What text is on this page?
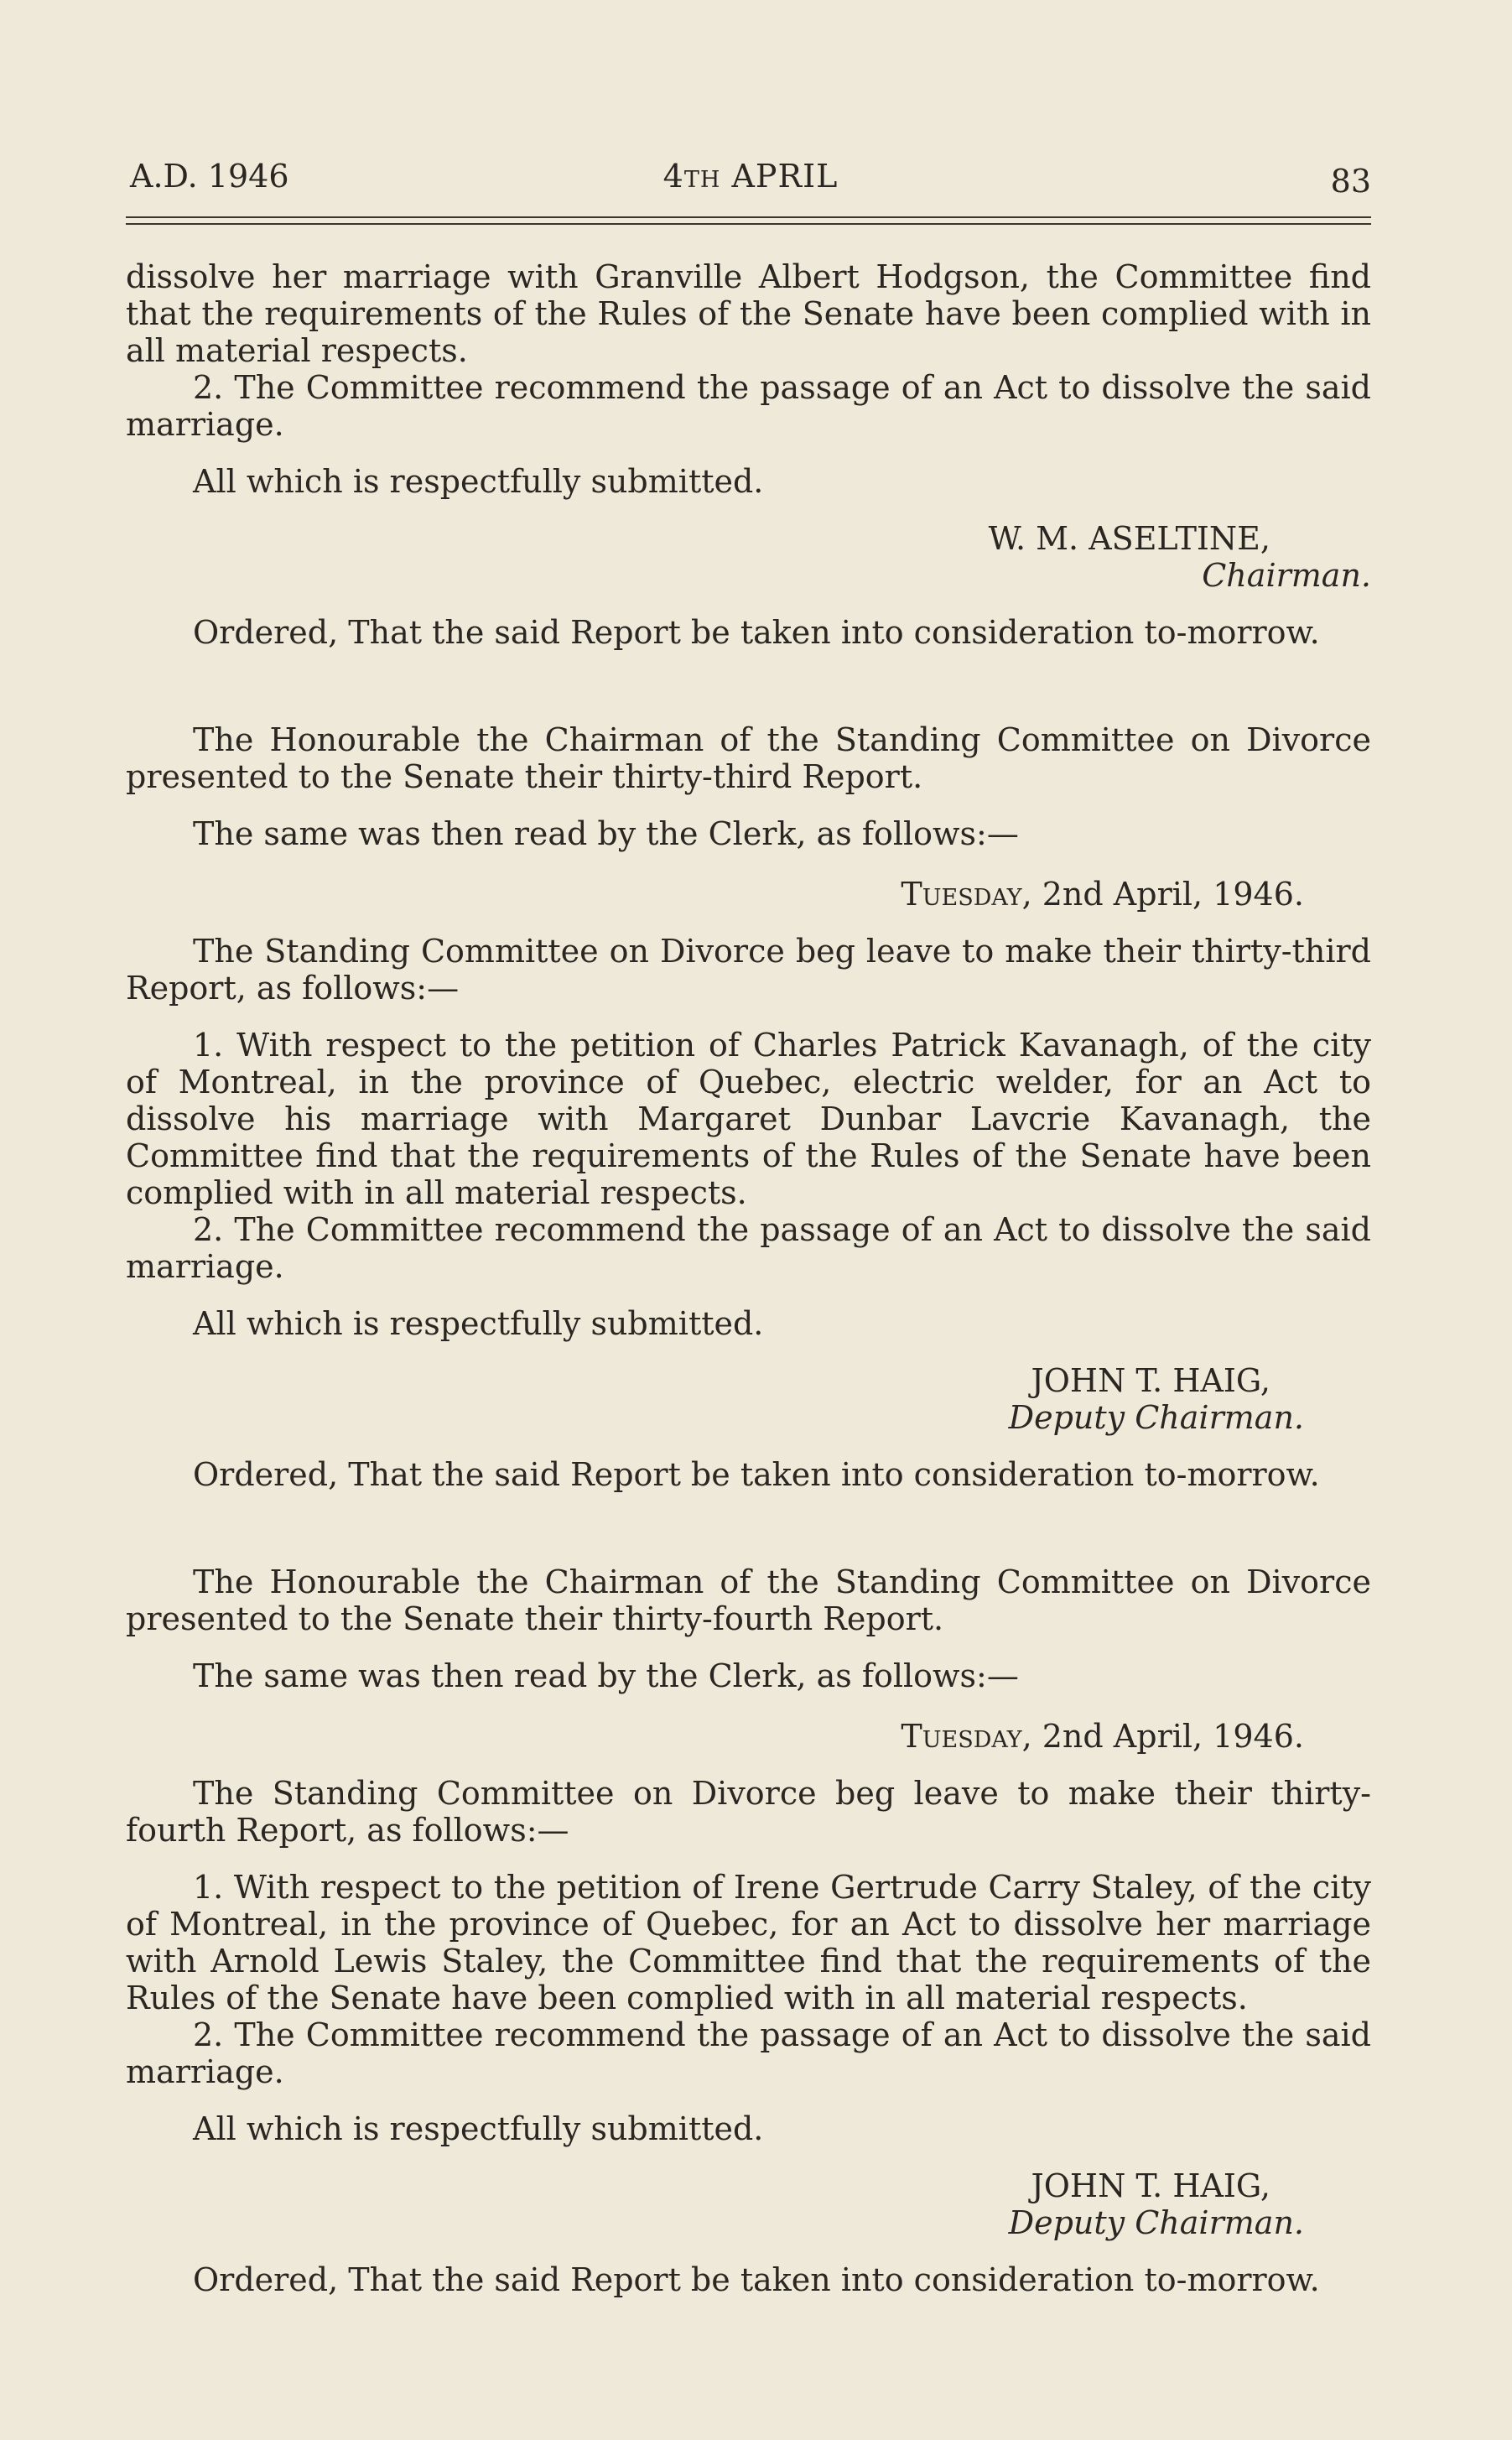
A.D. 1946	4th APRIL	83

dissolve her marriage with Granville Albert Hodgson, the Committee find that the requirements of the Rules of the Senate have been complied with in all material respects.

2. The Committee recommend the passage of an Act to dissolve the said marriage.

All which is respectfully submitted.

W. M. ASELTINE,

Chairman.

Ordered, That the said Report be taken into consideration to-morrow.

The Honourable the Chairman of the Standing Committee on Divorce presented to the Senate their thirty-third Report.

The same was then read by the Clerk, as follows:—

Tuesday, 2nd April, 1946.

The Standing Committee on Divorce beg leave to make their thirty-third Report, as follows:—

1. With respect to the petition of Charles Patrick Kavanagh, of the city of Montreal, in the province of Quebec, electric welder, for an Act to dissolve his marriage with Margaret Dunbar Lavcrie Kavanagh, the Committee find that the requirements of the Rules of the Senate have been complied with in all material respects.

2. The Committee recommend the passage of an Act to dissolve the said marriage.

All which is respectfully submitted.

JOHN T. HAIG,

Deputy Chairman.

Ordered, That the said Report be taken into consideration to-morrow.

The Honourable the Chairman of the Standing Committee on Divorce presented to the Senate their thirty-fourth Report.

The same was then read by the Clerk, as follows:—

Tuesday, 2nd April, 1946.

The Standing Committee on Divorce beg leave to make their thirty-fourth Report, as follows:—

1. With respect to the petition of Irene Gertrude Carry Staley, of the city of Montreal, in the province of Quebec, for an Act to dissolve her marriage with Arnold Lewis Staley, the Committee find that the requirements of the Rules of the Senate have been complied with in all material respects.

2. The Committee recommend the passage of an Act to dissolve the said marriage.

All which is respectfully submitted.

JOHN T. HAIG,

Deputy Chairman.

Ordered, That the said Report be taken into consideration to-morrow.
